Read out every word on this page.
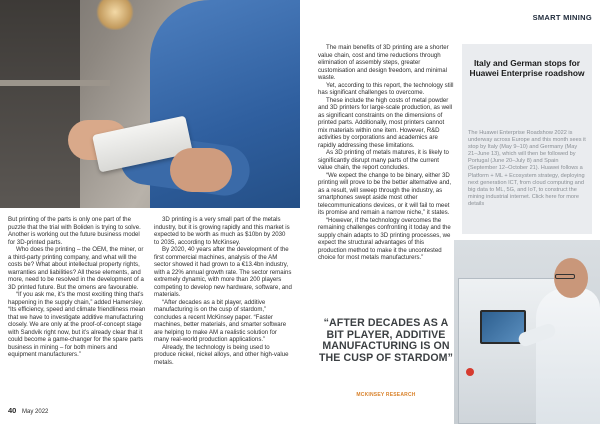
SMART MINING

But printing of the parts is only one part of the puzzle that the trial with Boliden is trying to solve. Another is working out the future business model for 3D-printed parts.

Who does the printing – the OEM, the miner, or a third-party printing company, and what will the costs be? What about intellectual property rights, warranties and liabilities? All these elements, and more, need to be resolved in the development of a 3D printed future. But the omens are favourable.

“If you ask me, it’s the most exciting thing that’s happening in the supply chain,” added Hamersley. “Its efficiency, speed and climate friendliness mean that we have to investigate additive manufacturing closely. We are only at the proof-of-concept stage with Sandvik right now, but it’s already clear that it could become a game-changer for the spare parts business in mining – for both miners and equipment manufacturers.”

3D printing is a very small part of the metals industry, but it is growing rapidly and this market is expected to be worth as much as $10bn by 2030 to 2035, according to McKinsey.

By 2020, 40 years after the development of the first commercial machines, analysis of the AM sector showed it had grown to a €13.4bn industry, with a 22% annual growth rate. The sector remains extremely dynamic, with more than 200 players competing to develop new hardware, software, and materials.

“After decades as a bit player, additive manufacturing is on the cusp of stardom,” concludes a recent McKinsey paper. “Faster machines, better materials, and smarter software are helping to make AM a realistic solution for many real-world production applications.”

Already, the technology is being used to produce nickel, nickel alloys, and other high-value metals.

The main benefits of 3D printing are a shorter value chain, cost and time reductions through elimination of assembly steps, greater customisation and design freedom, and minimal waste.

Yet, according to this report, the technology still has significant challenges to overcome.

These include the high costs of metal powder and 3D printers for large-scale production, as well as significant constraints on the dimensions of printed parts. Additionally, most printers cannot mix materials within one item. However, R&D activities by corporations and academics are rapidly addressing these limitations.

As 3D printing of metals matures, it is likely to significantly disrupt many parts of the current value chain, the report concludes.

“We expect the change to be binary, either 3D printing will prove to be the better alternative and, as a result, will sweep through the industry, as smartphones swept aside most other telecommunications devices, or it will fail to meet its promise and remain a narrow niche,” it states.

“However, if the technology overcomes the remaining challenges confronting it today and the supply chain adapts to 3D printing processes, we expect the structural advantages of this production method to make it the uncontested choice for most metals manufacturers.”

“AFTER DECADES AS A BIT PLAYER, ADDITIVE MANUFACTURING IS ON THE CUSP OF STARDOM”
MCKINSEY RESEARCH
Italy and German stops for Huawei Enterprise roadshow
The Huawei Enterprise Roadshow 2022 is underway across Europe and this month sees it stop by Italy (May 9–10) and Germany (May 21–June 13), which will then be followed by Portugal (June 20–July 8) and Spain (September 12–October 21). Huawei follows a Platform + ML + Ecosystem strategy, deploying next generation ICT, from cloud computing and big data to ML, 5G, and IoT, to construct the mining industrial internet. Click here for more details
40 May 2022
